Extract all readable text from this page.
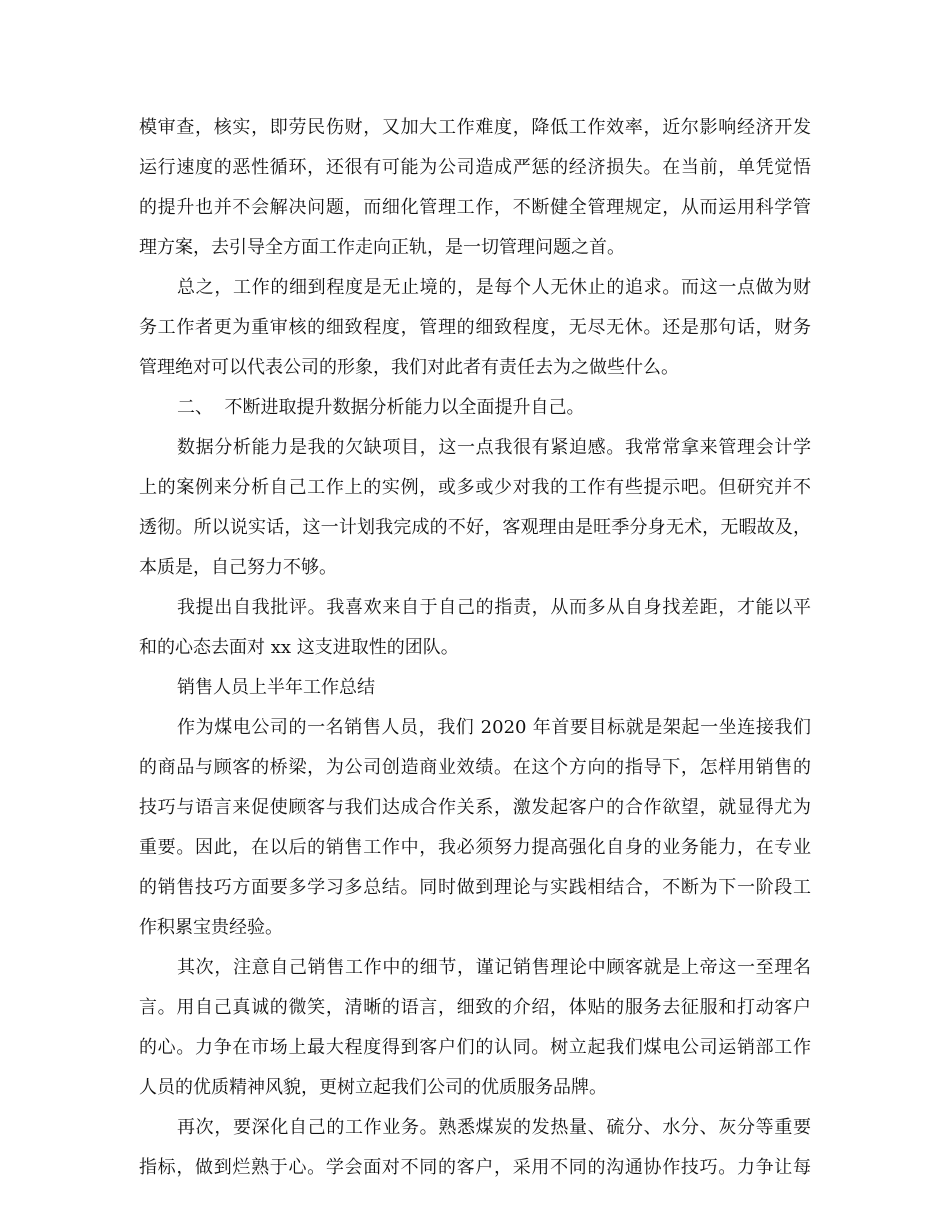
模审查，核实，即劳民伤财，又加大工作难度，降低工作效率，近尔影响经济开发
运行速度的恶性循环，还很有可能为公司造成严惩的经济损失。在当前，单凭觉悟
的提升也并不会解决问题，而细化管理工作，不断健全管理规定，从而运用科学管
理方案，去引导全方面工作走向正轨，是一切管理问题之首。
总之，工作的细到程度是无止境的，是每个人无休止的追求。而这一点做为财
务工作者更为重审核的细致程度，管理的细致程度，无尽无休。还是那句话，财务
管理绝对可以代表公司的形象，我们对此者有责任去为之做些什么。
二、  不断进取提升数据分析能力以全面提升自己。
数据分析能力是我的欠缺项目，这一点我很有紧迫感。我常常拿来管理会计学
上的案例来分析自己工作上的实例，或多或少对我的工作有些提示吧。但研究并不
透彻。所以说实话，这一计划我完成的不好，客观理由是旺季分身无术，无暇故及，
本质是，自己努力不够。
我提出自我批评。我喜欢来自于自己的指责，从而多从自身找差距，才能以平
和的心态去面对 xx 这支进取性的团队。
销售人员上半年工作总结
作为煤电公司的一名销售人员，我们 2020 年首要目标就是架起一坐连接我们
的商品与顾客的桥梁，为公司创造商业效绩。在这个方向的指导下，怎样用销售的
技巧与语言来促使顾客与我们达成合作关系，激发起客户的合作欲望，就显得尤为
重要。因此，在以后的销售工作中，我必须努力提高强化自身的业务能力，在专业
的销售技巧方面要多学习多总结。同时做到理论与实践相结合，不断为下一阶段工
作积累宝贵经验。
其次，注意自己销售工作中的细节，谨记销售理论中顾客就是上帝这一至理名
言。用自己真诚的微笑，清晰的语言，细致的介绍，体贴的服务去征服和打动客户
的心。力争在市场上最大程度得到客户们的认同。树立起我们煤电公司运销部工作
人员的优质精神风貌，更树立起我们公司的优质服务品牌。
再次，要深化自己的工作业务。熟悉煤炭的发热量、硫分、水分、灰分等重要
指标，做到烂熟于心。学会面对不同的客户，采用不同的沟通协作技巧。力争让每
